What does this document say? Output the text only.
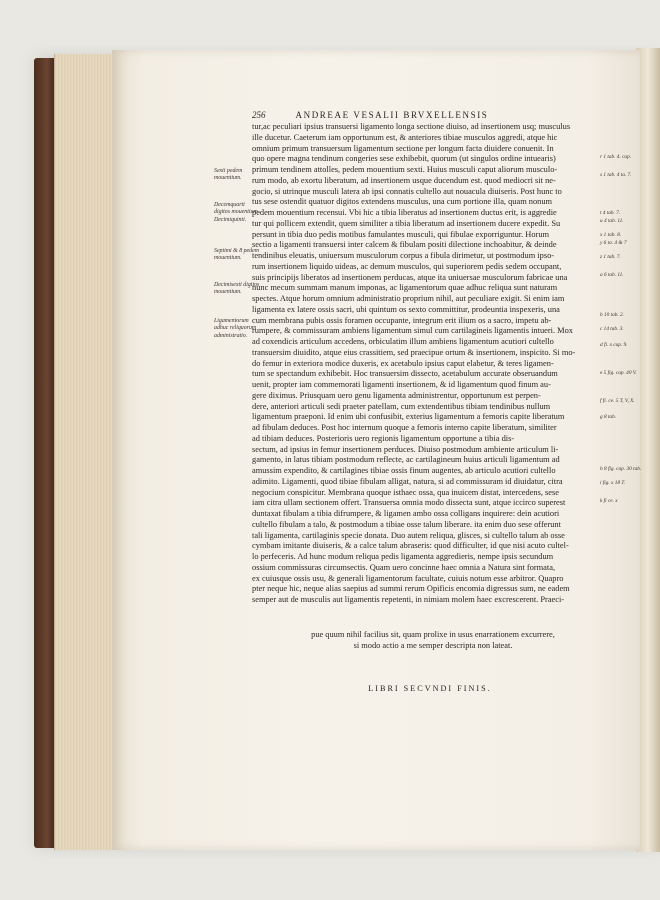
256	ANDREAE VESALII BRVXELLENSIS
tur,ac peculiari ipsius transuersi ligamento longa sectione diuiso, ad insertionem usq; musculus
ille ducetur. Caeterum iam opportunum est, & anteriores tibiae musculos aggredi, atque hic
omnium primum transuersum ligamentum sectione per longum facta diuidere conuenit. In
quo opere magna tendinum congeries sese exhibebit, quorum (ut singulos ordine intuearis)
primum tendinem attolles, pedem mouentium sexti. Huius musculi caput aliorum musculo-
rum modo, ab exortu liberatum, ad insertionem usque ducendum est. quod mediocri sit ne-
gocio, si utrinque musculi latera ab ipsi connatis cultello aut nouacula diuiseris. Post hunc to
tus sese ostendit quatuor digitos extendens musculus, una cum portione illa, quam nonum
pedem mouentium recensui. Vbi hic a tibia liberatus ad insertionem ductus erit, is aggredie
tur qui pollicem extendit, quem similiter a tibia liberatum ad insertionem ducere expedit. Su
persunt in tibia duo pedis motibus famulantes musculi, qui fibulae exporriguntur. Horum
sectio a ligamenti transuersi inter calcem & fibulam positi dilectione inchoabitur, & deinde
tendinibus eleuatis, uniuersum musculorum corpus a fibula dirimetur, ut postmodum ipso-
rum insertionem liquido uideas, ac demum musculos, qui superiorem pedis sedem occupant,
suis principijs liberatos ad insertionem perducas, atque ita uniuersae musculorum fabricae una
nunc mecum summam manum imponas, ac ligamentorum quae adhuc reliqua sunt naturam
spectes. Atque horum omnium administratio proprium nihil, aut peculiare exigit. Si enim iam
ligamenta ex latere ossis sacri, ubi quintum os sexto committitur, prodeuntia inspexeris, una
cum membrana pubis ossis foramen occupante, integrum erit ilium os a sacro, impetu ab-
rumpere, & commissuram ambiens ligamentum simul cum cartilagineis ligamentis intueri. Mox
ad coxendicis articulum accedens, orbiculatim illum ambiens ligamentum acutiori cultello
transuersim diuidito, atque eius crassitiem, sed praecipue ortum & insertionem, inspicito. Si mo-
do femur in exteriora modice duxeris, ex acetabulo ipsius caput elabetur, & teres ligamen-
tum se spectandum exhibebit. Hoc transuersim dissecto, acetabulum accurate obseruandum
uenit, propter iam commemorati ligamenti insertionem, & id ligamentum quod finum au-
gere diximus. Priusquam uero genu ligamenta administrentur, opportunum est perpen-
dere, anteriori articuli sedi praeter patellam, cum extendentibus tibiam tendinibus nullum
ligamentum praeponi. Id enim ubi confusibit, exterius ligamentum a femoris capite liberatum
ad fibulam deduces. Post hoc internum quoque a femoris interno capite liberatum, similiter
ad tibiam deduces. Posterioris uero regionis ligamentum opportune a tibia dis-
sectum, ad ipsius in femur insertionem perduces. Diuiso postmodum ambiente articulum li-
gamento, in latus tibiam postmodum reflecte, ac cartilagineum huius articuli ligamentum ad
amussim expendito, & cartilagines tibiae ossis finum augentes, ab articulo acutiori cultello
adimito. Ligamenti, quod tibiae fibulam alligat, natura, si ad commissuram id diuidatur, citra
negocium conspicitur. Membrana quoque isthaec ossa, qua inuicem distat, intercedens, sese
iam citra ullam sectionem offert. Transuersa omnia modo dissecta sunt, atque iccirco superest
duntaxat fibulam a tibia difrumpere, & ligamen ambo ossa colligans inquirere: dein acutiori
cultello fibulam a talo, & postmodum a tibiae osse talum liberare. ita enim duo sese offerunt
tali ligamenta, cartilaginis specie donata. Duo autem reliqua, glisces, si cultello talum ab osse
cymbam imitante diuiseris, & a calce talum abraseris: quod difficulter, id que nisi acuto cultel-
lo perfeceris. Ad hunc modum reliqua pedis ligamenta aggredieris, nempe ipsis secundum
ossium commissuras circumsectis. Quam uero concinne haec omnia a Natura sint formata,
ex cuiusque ossis usu, & generali ligamentorum facultate, cuiuis notum esse arbitror. Quapro
pter neque hic, neque alias saepius ad summi rerum Opificis encomia digressus sum, ne eadem
semper aut de musculis aut ligamentis repetenti, in nimiam molem haec excrescerent. Praeci-
pue quum nihil facilius sit, quam prolixe in usus enarrationem excurrere,
si modo actio a me semper descripta non lateat.
LIBRI SECVNDI FINIS.
Sexti pedem mouentium.
Decemquarti digitos mouentium. Decimiquinti.
Septimi & 8 pedem mouentium.
Decimisexti digitos mouentium.
Ligamentorum adhuc reliquorum administratio.
r 1 tab. 4. cap.
s 1 tab. 4 ta. 7.
t 4 tab. 7.
u 4 tab. 11.
x 1 tab. 8.
y 6 ta. 4 & 7
z 1 tab. 7.
a 6 tab. 11.
b 10 tab. 2.
c 14 tab. 3.
d fi. x cap. 9.
e 5 fig. cap. 40 V.
f fi. ce. 5 T, V, X.
g 8 tab.
h 8 fig. cap. 30 tab.
i fig. x 18 T.
k fi ce. x
